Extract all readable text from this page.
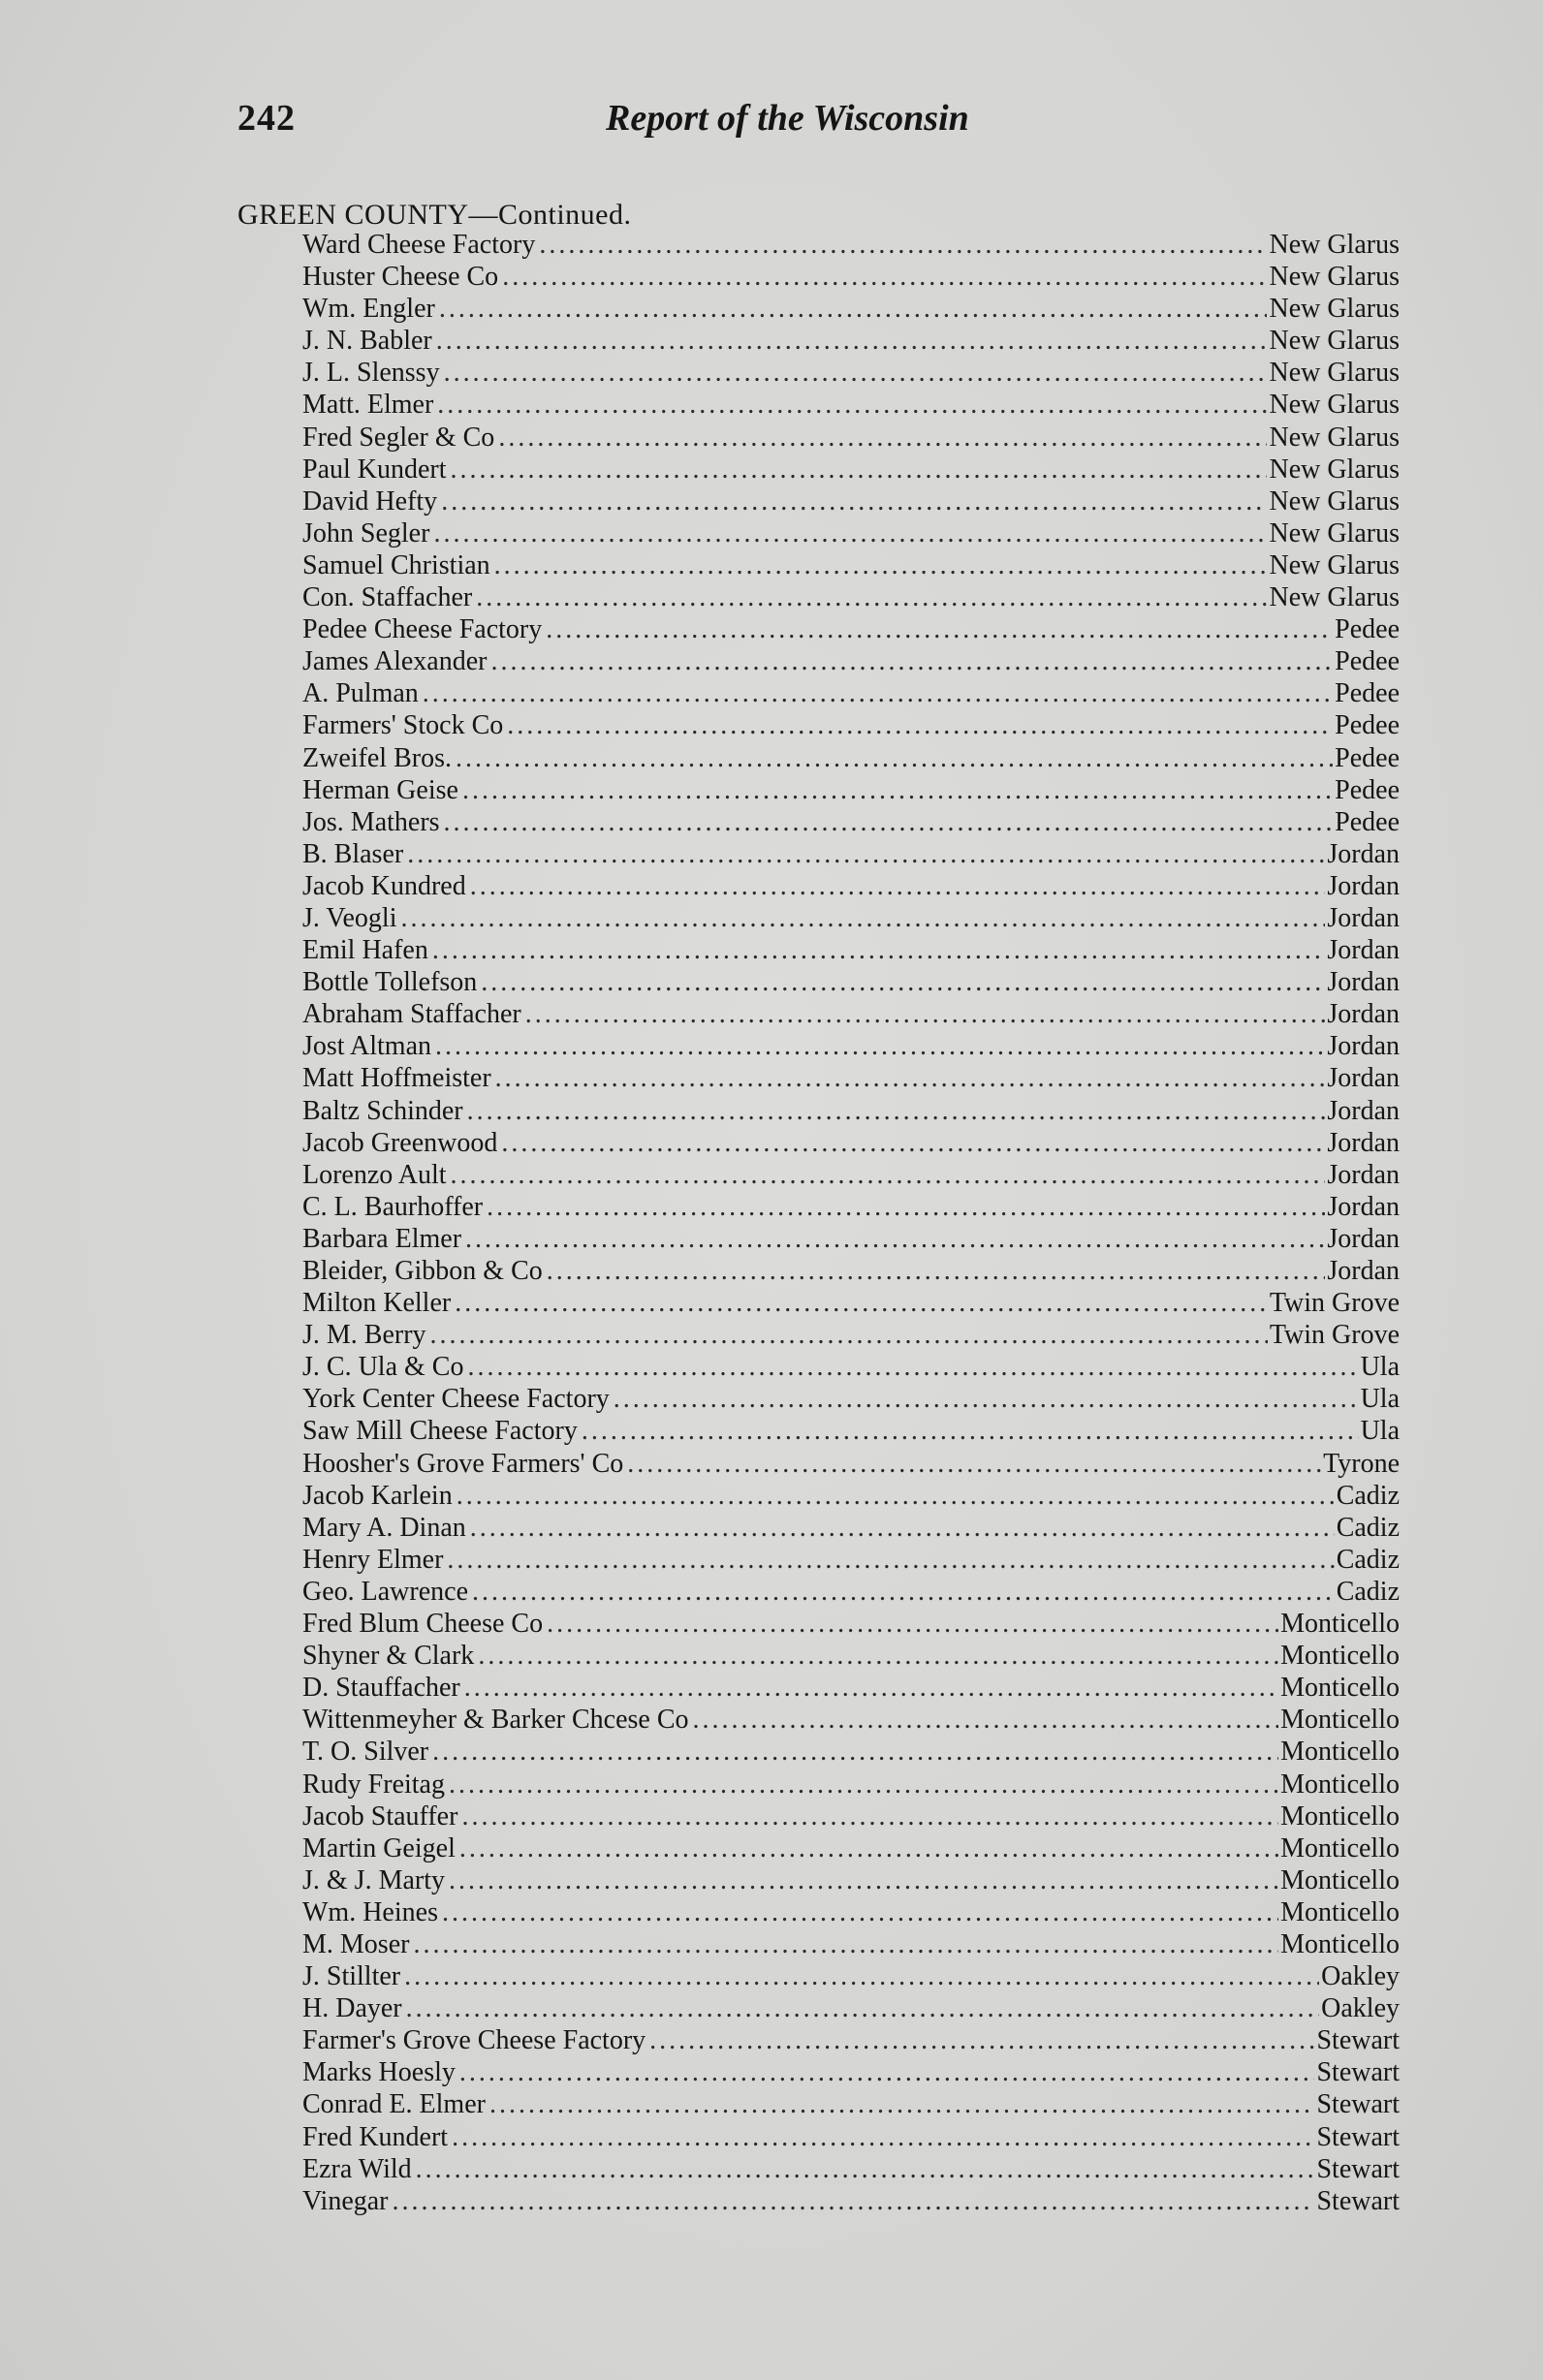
242	Report of the Wisconsin
GREEN COUNTY—Continued.
Ward Cheese Factory .....	New Glarus
Huster Cheese Co .....	New Glarus
Wm. Engler .....	New Glarus
J. N. Babler .....	New Glarus
J. L. Slenssy .....	New Glarus
Matt. Elmer .....	New Glarus
Fred Segler & Co .....	New Glarus
Paul Kundert .....	New Glarus
David Hefty .....	New Glarus
John Segler .....	New Glarus
Samuel Christian .....	New Glarus
Con. Staffacher .....	New Glarus
Pedee Cheese Factory .....	Pedee
James Alexander .....	Pedee
A. Pulman .....	Pedee
Farmers' Stock Co .....	Pedee
Zweifel Bros. .....	Pedee
Herman Geise .....	Pedee
Jos. Mathers .....	Pedee
B. Blaser .....	Jordan
Jacob Kundred .....	Jordan
J. Veogli .....	Jordan
Emil Hafen .....	Jordan
Bottle Tollefson .....	Jordan
Abraham Staffacher .....	Jordan
Jost Altman .....	Jordan
Matt Hoffmeister .....	Jordan
Baltz Schinder .....	Jordan
Jacob Greenwood .....	Jordan
Lorenzo Ault .....	Jordan
C. L. Baurhoffer .....	Jordan
Barbara Elmer .....	Jordan
Bleider, Gibbon & Co .....	Jordan
Milton Keller .....	Twin Grove
J. M. Berry .....	Twin Grove
J. C. Ula & Co .....	Ula
York Center Cheese Factory .....	Ula
Saw Mill Cheese Factory .....	Ula
Hoosher's Grove Farmers' Co .....	Tyrone
Jacob Karlein .....	Cadiz
Mary A. Dinan .....	Cadiz
Henry Elmer .....	Cadiz
Geo. Lawrence .....	Cadiz
Fred Blum Cheese Co .....	Monticello
Shyner & Clark .....	Monticello
D. Stauffacher .....	Monticello
Wittenmeyher & Barker Chcese Co .....	Monticello
T. O. Silver .....	Monticello
Rudy Freitag .....	Monticello
Jacob Stauffer .....	Monticello
Martin Geigel .....	Monticello
J. & J. Marty .....	Monticello
Wm. Heines .....	Monticello
M. Moser .....	Monticello
J. Stillter .....	Oakley
H. Dayer .....	Oakley
Farmer's Grove Cheese Factory .....	Stewart
Marks Hoesly .....	Stewart
Conrad E. Elmer .....	Stewart
Fred Kundert .....	Stewart
Ezra Wild .....	Stewart
Vinegar .....	Stewart
